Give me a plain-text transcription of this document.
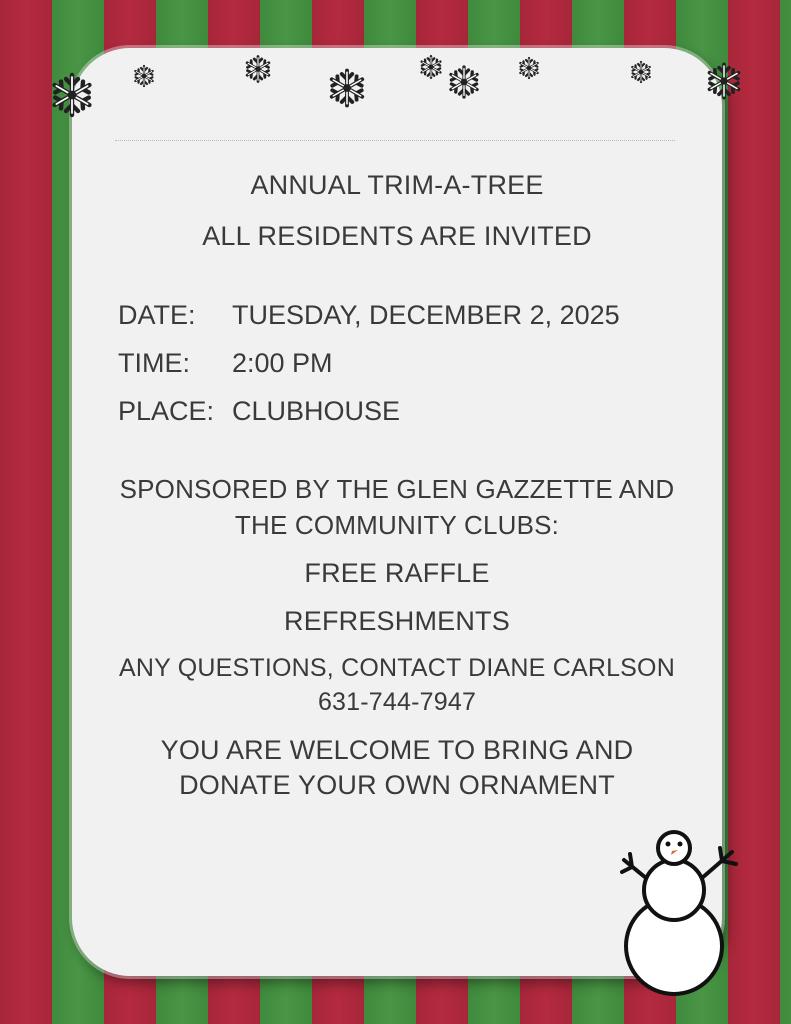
ANNUAL TRIM-A-TREE
ALL RESIDENTS ARE INVITED
DATE: TUESDAY, DECEMBER 2, 2025
TIME: 2:00 PM
PLACE: CLUBHOUSE
SPONSORED BY THE GLEN GAZZETTE AND
THE COMMUNITY CLUBS:
FREE RAFFLE
REFRESHMENTS
ANY QUESTIONS, CONTACT DIANE CARLSON
631-744-7947
YOU ARE WELCOME TO BRING AND
DONATE YOUR OWN ORNAMENT
